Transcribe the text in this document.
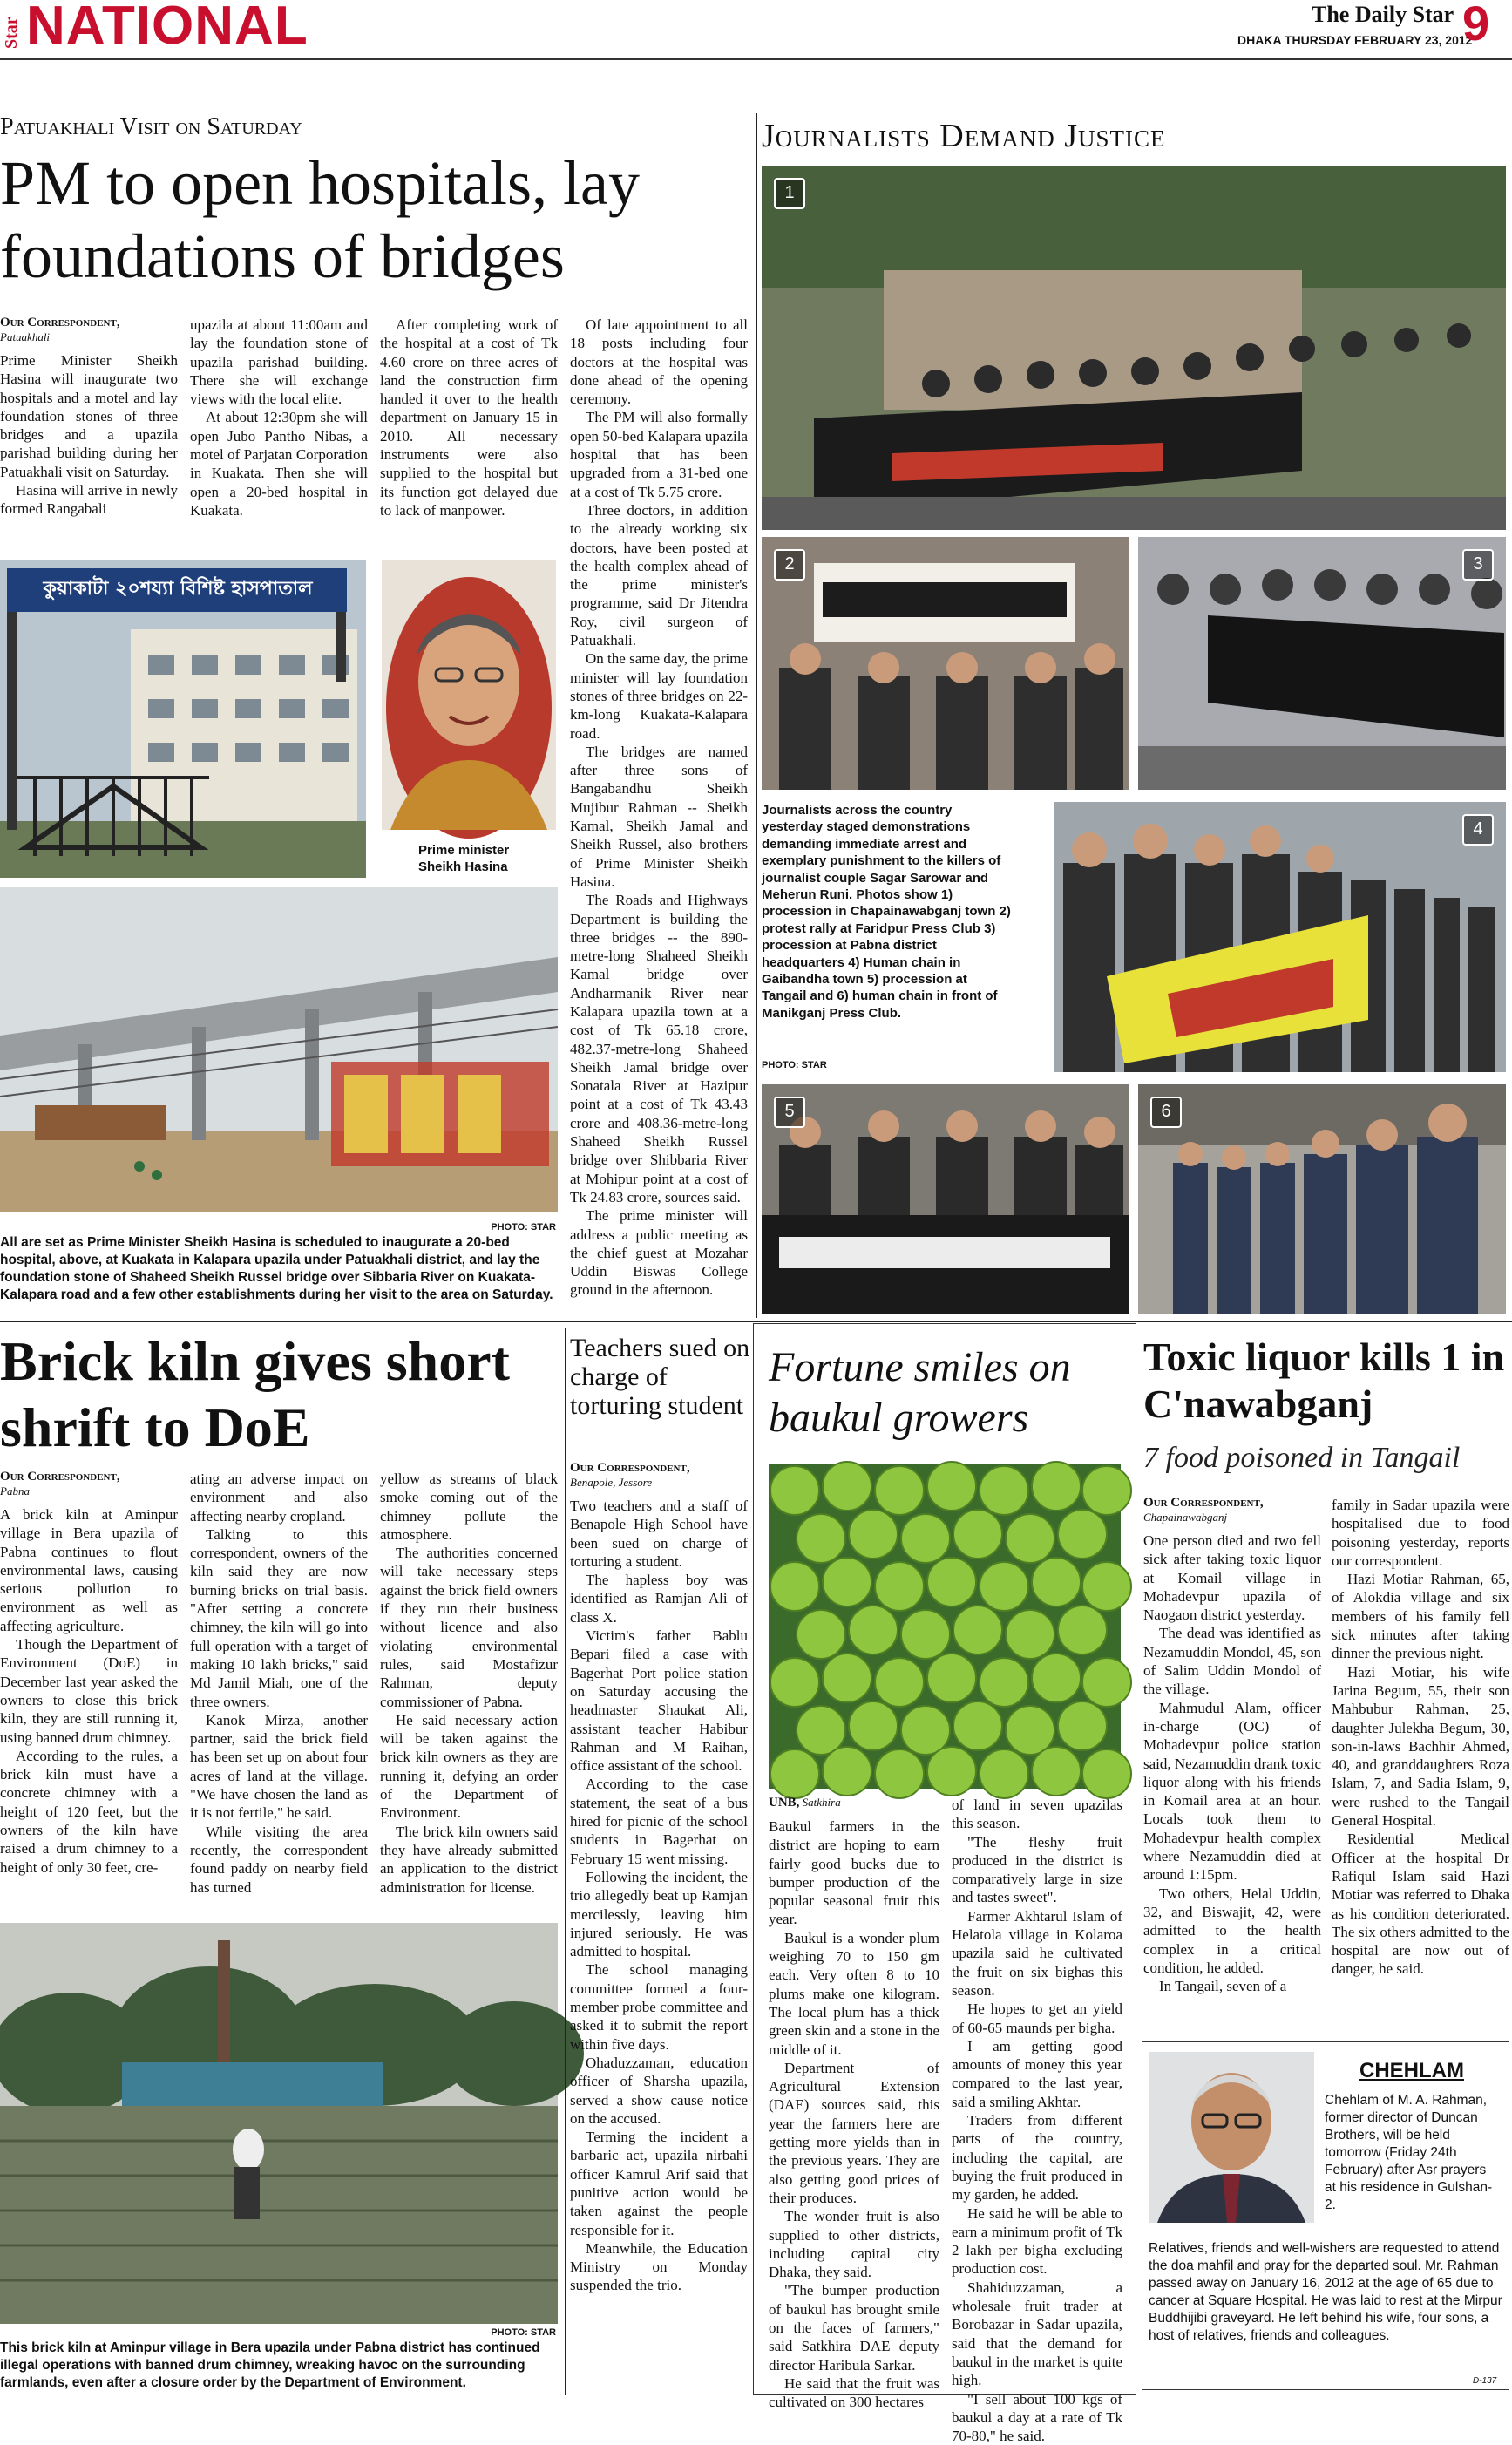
Star NATIONAL	The Daily Star
DHAKA THURSDAY FEBRUARY 23, 2012
9
Patuakhali Visit on Saturday
PM to open hospitals, lay foundations of bridges
Our Correspondent,
Patuakhali

Prime Minister Sheikh Hasina will inaugurate two hospitals and a motel and lay foundation stones of three bridges and a upazila parishad building during her Patuakhali visit on Saturday.

Hasina will arrive in newly formed Rangabali

upazila at about 11:00am and lay the foundation stone of upazila parishad building. There she will exchange views with the local elite.

At about 12:30pm she will open Jubo Pantho Nibas, a motel of Parjatan Corporation in Kuakata. Then she will open a 20-bed hospital in Kuakata.

After completing work of the hospital at a cost of Tk 4.60 crore on three acres of land the construction firm handed it over to the health department on January 15 in 2010. All necessary instruments were also supplied to the hospital but its function got delayed due to lack of manpower.

Of late appointment to all 18 posts including four doctors at the hospital was done ahead of the opening ceremony.

The PM will also formally open 50-bed Kalapara upazila hospital that has been upgraded from a 31-bed one at a cost of Tk 5.75 crore.

Three doctors, in addition to the already working six doctors, have been posted at the health complex ahead of the prime minister's programme, said Dr Jitendra Roy, civil surgeon of Patuakhali.

On the same day, the prime minister will lay foundation stones of three bridges on 22-km-long Kuakata-Kalapara road.

The bridges are named after three sons of Bangabandhu Sheikh Mujibur Rahman -- Sheikh Kamal, Sheikh Jamal and Sheikh Russel, also brothers of Prime Minister Sheikh Hasina.

The Roads and Highways Department is building the three bridges -- the 890-metre-long Shaheed Sheikh Kamal bridge over Andharmanik River near Kalapara upazila town at a cost of Tk 65.18 crore, 482.37-metre-long Shaheed Sheikh Jamal bridge over Sonatala River at Hazipur point at a cost of Tk 43.43 crore and 408.36-metre-long Shaheed Sheikh Russel bridge over Shibbaria River at Mohipur point at a cost of Tk 24.83 crore, sources said.

The prime minister will address a public meeting as the chief guest at Mozahar Uddin Biswas College ground in the afternoon.

কুয়াকাটা ২০শয্যা বিশিষ্ট হাসপাতাল
Prime minister Sheikh Hasina
PHOTO: STAR
All are set as Prime Minister Sheikh Hasina is scheduled to inaugurate a 20-bed hospital, above, at Kuakata in Kalapara upazila under Patuakhali district, and lay the foundation stone of Shaheed Sheikh Russel bridge over Sibbaria River on Kuakata-Kalapara road and a few other establishments during her visit to the area on Saturday.
Journalists Demand Justice
1
2	3
Journalists across the country yesterday staged demonstrations demanding immediate arrest and exemplary punishment to the killers of journalist couple Sagar Sarowar and Meherun Runi. Photos show 1) procession in Chapainawabganj town 2) protest rally at Faridpur Press Club 3) procession at Pabna district headquarters 4) Human chain in Gaibandha town 5) procession at Tangail and 6) human chain in front of Manikganj Press Club.
PHOTO: STAR
4
5	6
Brick kiln gives short shrift to DoE
Our Correspondent,
Pabna

A brick kiln at Aminpur village in Bera upazila of Pabna continues to flout environmental laws, causing serious pollution to environment as well as affecting agriculture.

Though the Department of Environment (DoE) in December last year asked the owners to close this brick kiln, they are still running it, using banned drum chimney.

According to the rules, a brick kiln must have a concrete chimney with a height of 120 feet, but the owners of the kiln have raised a drum chimney to a height of only 30 feet, cre-

ating an adverse impact on environment and also affecting nearby cropland.

Talking to this correspondent, owners of the kiln said they are now burning bricks on trial basis. "After setting a concrete chimney, the kiln will go into full operation with a target of making 10 lakh bricks," said Md Jamil Miah, one of the three owners.

Kanok Mirza, another partner, said the brick field has been set up on about four acres of land at the village. "We have chosen the land as it is not fertile," he said.

While visiting the area recently, the correspondent found paddy on nearby field has turned

yellow as streams of black smoke coming out of the chimney pollute the atmosphere.

The authorities concerned will take necessary steps against the brick field owners if they run their business without licence and also violating environmental rules, said Mostafizur Rahman, deputy commissioner of Pabna.

He said necessary action will be taken against the brick kiln owners as they are running it, defying an order of the Department of Environment.

The brick kiln owners said they have already submitted an application to the district administration for license.

PHOTO: STAR
This brick kiln at Aminpur village in Bera upazila under Pabna district has continued illegal operations with banned drum chimney, wreaking havoc on the surrounding farmlands, even after a closure order by the Department of Environment.
Teachers sued on charge of torturing student
Our Correspondent,
Benapole, Jessore

Two teachers and a staff of Benapole High School have been sued on charge of torturing a student.

The hapless boy was identified as Ramjan Ali of class X.

Victim's father Bablu Bepari filed a case with Bagerhat Port police station on Saturday accusing the headmaster Shaukat Ali, assistant teacher Habibur Rahman and M Raihan, office assistant of the school.

According to the case statement, the seat of a bus hired for picnic of the school students in Bagerhat on February 15 went missing.

Following the incident, the trio allegedly beat up Ramjan mercilessly, leaving him injured seriously. He was admitted to hospital.

The school managing committee formed a four-member probe committee and asked it to submit the report within five days.

Ohaduzzaman, education officer of Sharsha upazila, served a show cause notice on the accused.

Terming the incident a barbaric act, upazila nirbahi officer Kamrul Arif said that punitive action would be taken against the people responsible for it.

Meanwhile, the Education Ministry on Monday suspended the trio.

Fortune smiles on baukul growers
UNB, Satkhira

Baukul farmers in the district are hoping to earn fairly good bucks due to bumper production of the popular seasonal fruit this year.

Baukul is a wonder plum weighing 70 to 150 gm each. Very often 8 to 10 plums make one kilogram. The local plum has a thick green skin and a stone in the middle of it.

Department of Agricultural Extension (DAE) sources said, this year the farmers here are getting more yields than in the previous years. They are also getting good prices of their produces.

The wonder fruit is also supplied to other districts, including capital city Dhaka, they said.

"The bumper production of baukul has brought smile on the faces of farmers," said Satkhira DAE deputy director Haribula Sarkar.

He said that the fruit was cultivated on 300 hectares

of land in seven upazilas this season.

"The fleshy fruit produced in the district is comparatively large in size and tastes sweet".

Farmer Akhtarul Islam of Helatola village in Kolaroa upazila said he cultivated the fruit on six bighas this season.

He hopes to get an yield of 60-65 maunds per bigha.

I am getting good amounts of money this year compared to the last year, said a smiling Akhtar.

Traders from different parts of the country, including the capital, are buying the fruit produced in my garden, he added.

He said he will be able to earn a minimum profit of Tk 2 lakh per bigha excluding production cost.

Shahiduzzaman, a wholesale fruit trader at Borobazar in Sadar upazila, said that the demand for baukul in the market is quite high.

"I sell about 100 kgs of baukul a day at a rate of Tk 70-80," he said.

Toxic liquor kills 1 in C'nawabganj
7 food poisoned in Tangail
Our Correspondent,
Chapainawabganj

One person died and two fell sick after taking toxic liquor at Komail village in Mohadevpur upazila of Naogaon district yesterday.

The dead was identified as Nezamuddin Mondol, 45, son of Salim Uddin Mondol of the village.

Mahmudul Alam, officer in-charge (OC) of Mohadevpur police station said, Nezamuddin drank toxic liquor along with his friends in Komail area at an hour. Locals took them to Mohadevpur health complex where Nezamuddin died at around 1:15pm.

Two others, Helal Uddin, 32, and Biswajit, 42, were admitted to the health complex in a critical condition, he added.

In Tangail, seven of a

family in Sadar upazila were hospitalised due to food poisoning yesterday, reports our correspondent.

Hazi Motiar Rahman, 65, of Alokdia village and six members of his family fell sick minutes after taking dinner the previous night.

Hazi Motiar, his wife Jarina Begum, 55, their son Mahbubur Rahman, 25, daughter Julekha Begum, 30, son-in-laws Bachhir Ahmed, 40, and granddaughters Roza Islam, 7, and Sadia Islam, 9, were rushed to the Tangail General Hospital.

Residential Medical Officer at the hospital Dr Rafiqul Islam said Hazi Motiar was referred to Dhaka as his condition deteriorated. The six others admitted to the hospital are now out of danger, he said.

CHEHLAM
Chehlam of M. A. Rahman, former director of Duncan Brothers, will be held tomorrow (Friday 24th February) after Asr prayers at his residence in Gulshan-2.
Relatives, friends and well-wishers are requested to attend the doa mahfil and pray for the departed soul. Mr. Rahman passed away on January 16, 2012 at the age of 65 due to cancer at Square Hospital. He was laid to rest at the Mirpur Buddhijibi graveyard. He left behind his wife, four sons, a host of relatives, friends and colleagues.
D-137
